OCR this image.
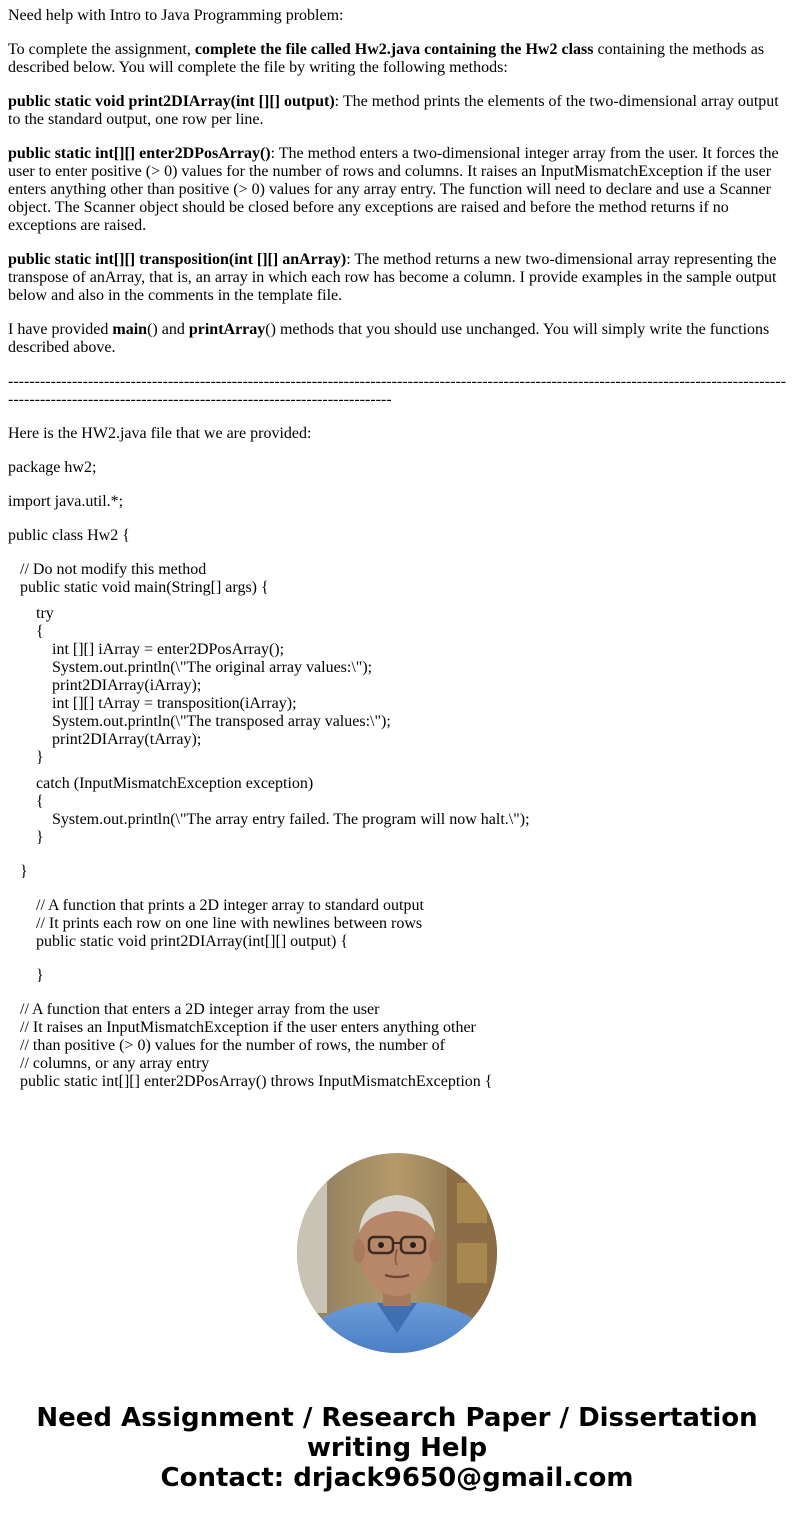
Need help with Intro to Java Programming problem:

To complete the assignment, complete the file called Hw2.java containing the Hw2 class containing the methods as described below. You will complete the file by writing the following methods:

public static void print2DIArray(int [][] output): The method prints the elements of the two-dimensional array output to the standard output, one row per line.

public static int[][] enter2DPosArray(): The method enters a two-dimensional integer array from the user. It forces the user to enter positive (> 0) values for the number of rows and columns. It raises an InputMismatchException if the user enters anything other than positive (> 0) values for any array entry. The function will need to declare and use a Scanner object. The Scanner object should be closed before any exceptions are raised and before the method returns if no exceptions are raised.

public static int[][] transposition(int [][] anArray): The method returns a new two-dimensional array representing the transpose of anArray, that is, an array in which each row has become a column. I provide examples in the sample output below and also in the comments in the template file.

I have provided main() and printArray() methods that you should use unchanged. You will simply write the functions described above.

--------------------------------------------------------------------------------------------------------------------------------------------------------------------------------------------------------------------------

Here is the HW2.java file that we are provided:

package hw2;
import java.util.*;
public class Hw2 {
// Do not modify this method
public static void main(String[] args) {
try
{
int [][] iArray = enter2DPosArray();
System.out.println(\"The original array values:\");
print2DIArray(iArray);
int [][] tArray = transposition(iArray);
System.out.println(\"The transposed array values:\");
print2DIArray(tArray);
}
catch (InputMismatchException exception)
{
System.out.println(\"The array entry failed. The program will now halt.\");
}
}
// A function that prints a 2D integer array to standard output
// It prints each row on one line with newlines between rows
public static void print2DIArray(int[][] output) {
}
// A function that enters a 2D integer array from the user
// It raises an InputMismatchException if the user enters anything other
// than positive (> 0) values for the number of rows, the number of
// columns, or any array entry
public static int[][] enter2DPosArray() throws InputMismatchException {
Need Assignment / Research Paper / Dissertation
writing Help
Contact: drjack9650@gmail.com
